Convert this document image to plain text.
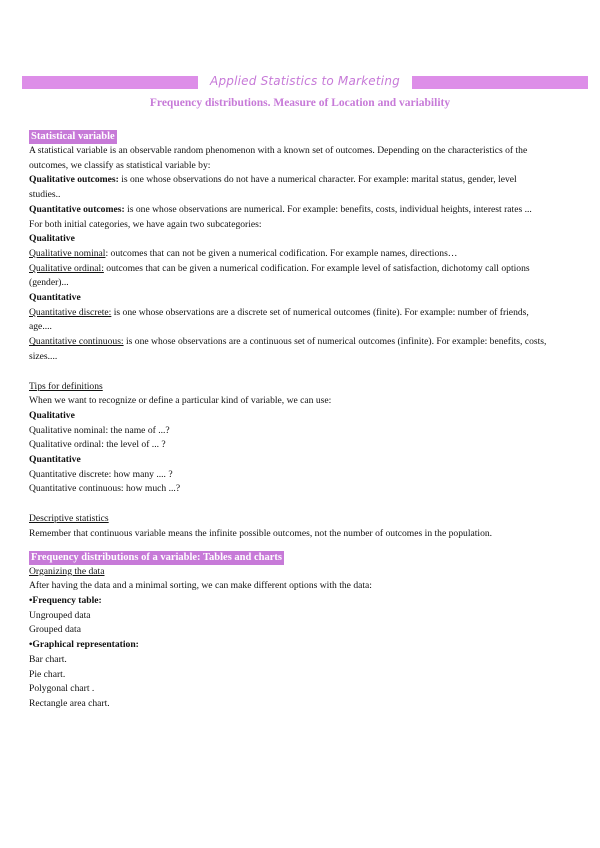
Applied Statistics to Marketing
Frequency distributions. Measure of Location and variability
Statistical variable
A statistical variable is an observable random phenomenon with a known set of outcomes. Depending on the characteristics of the outcomes, we classify as statistical variable by:
Qualitative outcomes: is one whose observations do not have a numerical character. For example: marital status, gender, level studies..
Quantitative outcomes: is one whose observations are numerical. For example: benefits, costs, individual heights, interest rates ...
For both initial categories, we have again two subcategories:
Qualitative
Qualitative nominal: outcomes that can not be given a numerical codification. For example names, directions…
Qualitative ordinal: outcomes that can be given a numerical codification. For example level of satisfaction, dichotomy call options (gender)...
Quantitative
Quantitative discrete: is one whose observations are a discrete set of numerical outcomes (finite). For example: number of friends, age....
Quantitative continuous: is one whose observations are a continuous set of numerical outcomes (infinite). For example: benefits, costs, sizes....
Tips for definitions
When we want to recognize or define a particular kind of variable, we can use:
Qualitative
Qualitative nominal: the name of ...?
Qualitative ordinal: the level of ... ?
Quantitative
Quantitative discrete: how many .... ?
Quantitative continuous: how much ...?
Descriptive statistics
Remember that continuous variable means the infinite possible outcomes, not the number of outcomes in the population.
Frequency distributions of a variable: Tables and charts
Organizing the data
After having the data and a minimal sorting, we can make different options with the data:
•Frequency table:
Ungrouped data
Grouped data
•Graphical representation:
Bar chart.
Pie chart.
Polygonal chart .
Rectangle area chart.
